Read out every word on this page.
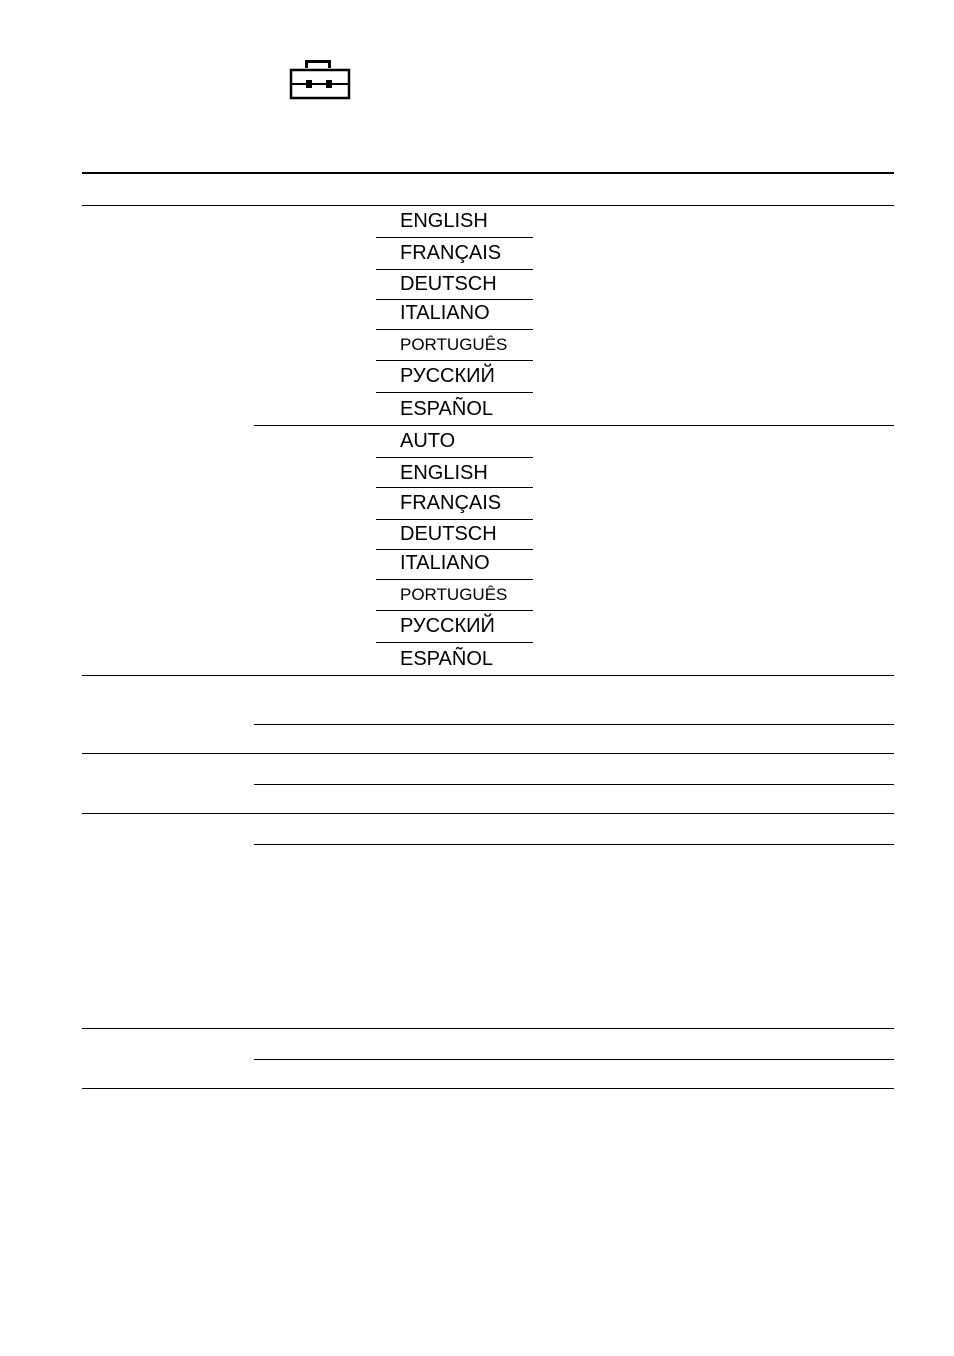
ENGLISH
FRANÇAIS
DEUTSCH
ITALIANO
PORTUGUÊS
РУССКИЙ
ESPAÑOL
AUTO
ENGLISH
FRANÇAIS
DEUTSCH
ITALIANO
PORTUGUÊS
РУССКИЙ
ESPAÑOL
